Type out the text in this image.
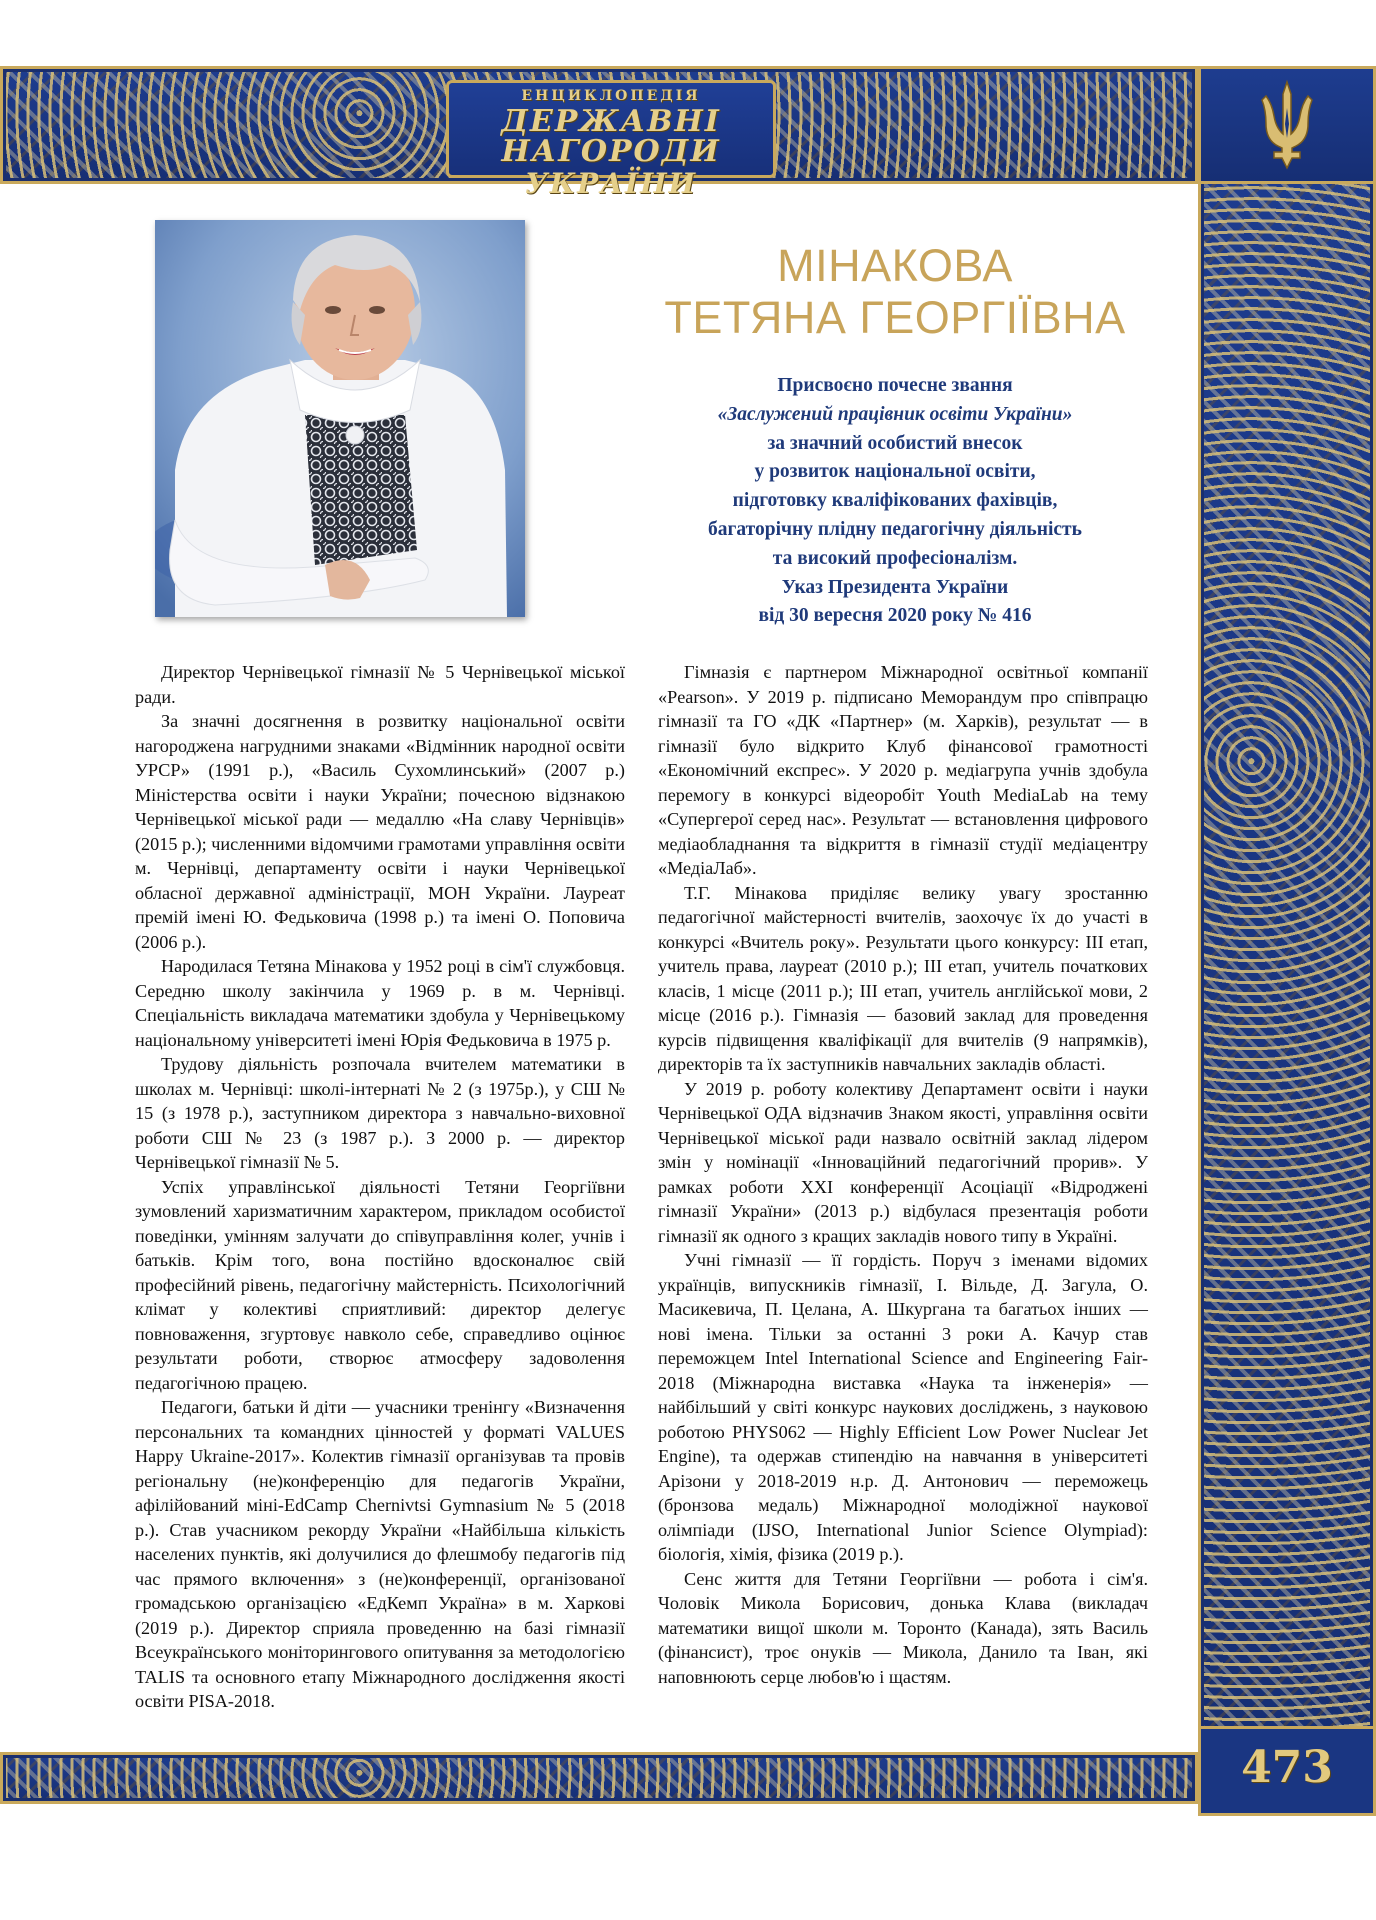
ЕНЦИКЛОПЕДІЯ
ДЕРЖАВНІ НАГОРОДИ
УКРАЇНИ
473
МІНАКОВА
ТЕТЯНА ГЕОРГІЇВНА
Присвоєно почесне звання
«Заслужений працівник освіти України»
за значний особистий внесок
у розвиток національної освіти,
підготовку кваліфікованих фахівців,
багаторічну плідну педагогічну діяльність
та високий професіоналізм.
Указ Президента України
від 30 вересня 2020 року № 416

Директор Чернівецької гімназії № 5 Чернівецької міської ради.

За значні досягнення в розвитку національної освіти нагороджена нагрудними знаками «Відмінник народної освіти УРСР» (1991 р.), «Василь Сухомлинський» (2007 р.) Міністерства освіти і науки України; почесною відзнакою Чернівецької міської ради — медаллю «На славу Чернівців» (2015 р.); численними відомчими грамотами управління освіти м. Чернівці, департаменту освіти і науки Чернівецької обласної державної адміністрації, МОН України. Лауреат премій імені Ю. Федьковича (1998 р.) та імені О. Поповича (2006 р.).

Народилася Тетяна Мінакова у 1952 році в сім'ї службовця. Середню школу закінчила у 1969 р. в м. Чернівці. Спеціальність викладача математики здобула у Чернівецькому національному університеті імені Юрія Федьковича в 1975 р.

Трудову діяльність розпочала вчителем математики в школах м. Чернівці: школі-інтернаті № 2 (з 1975р.), у СШ № 15 (з 1978 р.), заступником директора з навчально-виховної роботи СШ № 23 (з 1987 р.). З 2000 р. — директор Чернівецької гімназії № 5.

Успіх управлінської діяльності Тетяни Георгіївни зумовлений харизматичним характером, прикладом особистої поведінки, умінням залучати до співуправління колег, учнів і батьків. Крім того, вона постійно вдосконалює свій професійний рівень, педагогічну майстерність. Психологічний клімат у колективі сприятливий: директор делегує повноваження, згуртовує навколо себе, справедливо оцінює результати роботи, створює атмосферу задоволення педагогічною працею.

Педагоги, батьки й діти — учасники тренінгу «Визначення персональних та командних цінностей у форматі VALUES Happy Ukraine-2017». Колектив гімназії організував та провів регіональну (не)конференцію для педагогів України, афілійований міні-EdCamp Chernivtsi Gymnasium № 5 (2018 р.). Став учасником рекорду України «Найбільша кількість населених пунктів, які долучилися до флешмобу педагогів під час прямого включення» з (не)конференції, організованої громадською організацією «ЕдКемп Україна» в м. Харкові (2019 р.). Директор сприяла проведенню на базі гімназії Всеукраїнського моніторингового опитування за методологією TALIS та основного етапу Міжнародного дослідження якості освіти PISA-2018.

Гімназія є партнером Міжнародної освітньої компанії «Pearson». У 2019 р. підписано Меморандум про співпрацю гімназії та ГО «ДК «Партнер» (м. Харків), результат — в гімназії було відкрито Клуб фінансової грамотності «Економічний експрес». У 2020 р. медіагрупа учнів здобула перемогу в конкурсі відеоробіт Youth MediaLab на тему «Супергерої серед нас». Результат — встановлення цифрового медіаобладнання та відкриття в гімназії студії медіацентру «МедіаЛаб».

Т.Г. Мінакова приділяє велику увагу зростанню педагогічної майстерності вчителів, заохочує їх до участі в конкурсі «Вчитель року». Результати цього конкурсу: ІІІ етап, учитель права, лауреат (2010 р.); ІІІ етап, учитель початкових класів, 1 місце (2011 р.); ІІІ етап, учитель англійської мови, 2 місце (2016 р.). Гімназія — базовий заклад для проведення курсів підвищення кваліфікації для вчителів (9 напрямків), директорів та їх заступників навчальних закладів області.

У 2019 р. роботу колективу Департамент освіти і науки Чернівецької ОДА відзначив Знаком якості, управління освіти Чернівецької міської ради назвало освітній заклад лідером змін у номінації «Інноваційний педагогічний прорив». У рамках роботи XXI конференції Асоціації «Відроджені гімназії України» (2013 р.) відбулася презентація роботи гімназії як одного з кращих закладів нового типу в Україні.

Учні гімназії — її гордість. Поруч з іменами відомих українців, випускників гімназії, І. Вільде, Д. Загула, О. Масикевича, П. Целана, А. Шкургана та багатьох інших — нові імена. Тільки за останні 3 роки А. Качур став переможцем Intel International Science and Engineering Fair-2018 (Міжнародна виставка «Наука та інженерія» — найбільший у світі конкурс наукових досліджень, з науковою роботою PHYS062 — Highly Efficient Low Power Nuclear Jet Engine), та одержав стипендію на навчання в університеті Арізони у 2018-2019 н.р. Д. Антонович — переможець (бронзова медаль) Міжнародної молодіжної наукової олімпіади (IJSO, International Junior Science Olympiad): біологія, хімія, фізика (2019 р.).

Сенс життя для Тетяни Георгіївни — робота і сім'я. Чоловік Микола Борисович, донька Клава (викладач математики вищої школи м. Торонто (Канада), зять Василь (фінансист), троє онуків — Микола, Данило та Іван, які наповнюють серце любов'ю і щастям.
